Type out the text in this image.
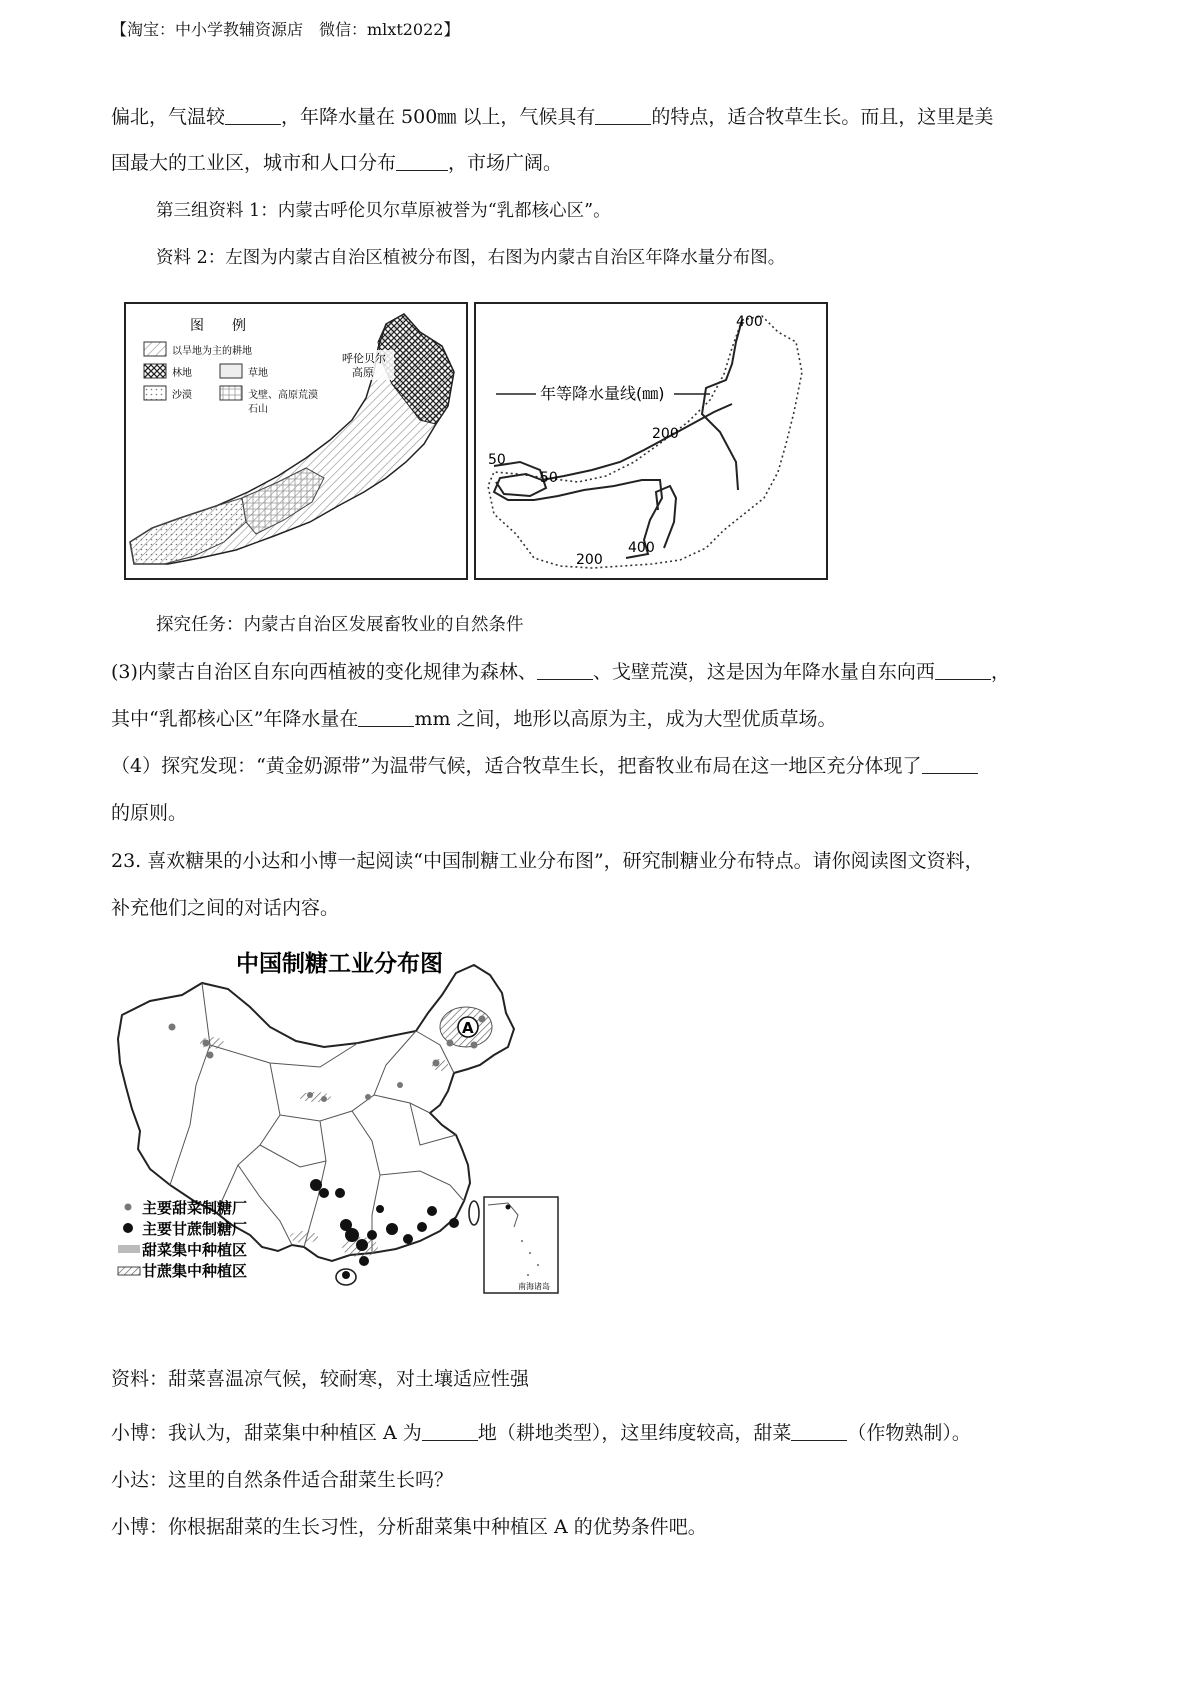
【淘宝：中小学教辅资源店　微信：mlxt2022】
偏北，气温较	，年降水量在 500㎜ 以上，气候具有	的特点，适合牧草生长。而且，这里是美
国最大的工业区，城市和人口分布	，市场广阔。
第三组资料 1：内蒙古呼伦贝尔草原被誉为“乳都核心区”。
资料 2：左图为内蒙古自治区植被分布图，右图为内蒙古自治区年降水量分布图。
图　　例
以旱地为主的耕地
林地	草地
沙漠	戈壁、高原荒漠
石山
呼伦贝尔
高原
年等降水量线(㎜)
400
200
50
50
200
400
探究任务：内蒙古自治区发展畜牧业的自然条件
(3)内蒙古自治区自东向西植被的变化规律为森林、	、戈壁荒漠，这是因为年降水量自东向西	，
其中“乳都核心区”年降水量在	mm 之间，地形以高原为主，成为大型优质草场。
（4）探究发现：“黄金奶源带”为温带气候，适合牧草生长，把畜牧业布局在这一地区充分体现了
的原则。
23. 喜欢糖果的小达和小博一起阅读“中国制糖工业分布图”，研究制糖业分布特点。请你阅读图文资料，
补充他们之间的对话内容。
中国制糖工业分布图
A
主要甜菜制糖厂
主要甘蔗制糖厂
甜菜集中种植区
甘蔗集中种植区
南海诸岛
资料：甜菜喜温凉气候，较耐寒，对土壤适应性强
小博：我认为，甜菜集中种植区 A 为	地（耕地类型），这里纬度较高，甜菜	（作物熟制）。
小达：这里的自然条件适合甜菜生长吗？
小博：你根据甜菜的生长习性，分析甜菜集中种植区 A 的优势条件吧。
